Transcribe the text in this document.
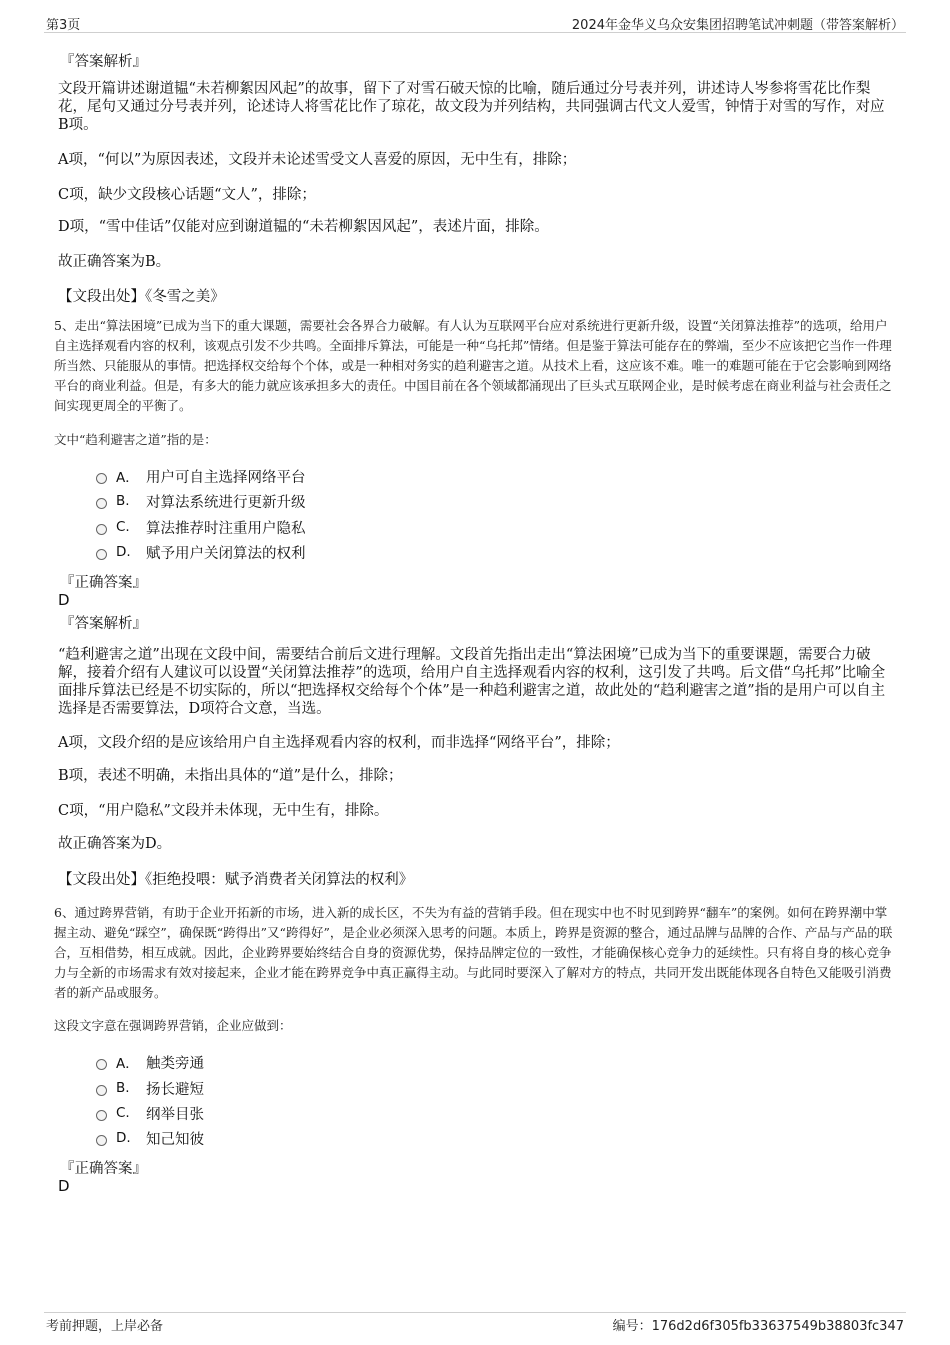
第3页	2024年金华义乌众安集团招聘笔试冲刺题（带答案解析）
『答案解析』

文段开篇讲述谢道韫“未若柳絮因风起”的故事，留下了对雪石破天惊的比喻，随后通过分号表并列，讲述诗人岑参将雪花比作梨花，尾句又通过分号表并列，论述诗人将雪花比作了琼花，故文段为并列结构，共同强调古代文人爱雪，钟情于对雪的写作，对应B项。

A项，“何以”为原因表述，文段并未论述雪受文人喜爱的原因，无中生有，排除；

C项，缺少文段核心话题“文人”，排除；

D项，“雪中佳话”仅能对应到谢道韫的“未若柳絮因风起”，表述片面，排除。

故正确答案为B。

【文段出处】《冬雪之美》

5、走出“算法困境”已成为当下的重大课题，需要社会各界合力破解。有人认为互联网平台应对系统进行更新升级，设置“关闭算法推荐”的选项，给用户自主选择观看内容的权利，该观点引发不少共鸣。全面排斥算法，可能是一种“乌托邦”情绪。但是鉴于算法可能存在的弊端，至少不应该把它当作一件理所当然、只能服从的事情。把选择权交给每个个体，或是一种相对务实的趋利避害之道。从技术上看，这应该不难。唯一的难题可能在于它会影响到网络平台的商业利益。但是，有多大的能力就应该承担多大的责任。中国目前在各个领域都涌现出了巨头式互联网企业，是时候考虑在商业利益与社会责任之间实现更周全的平衡了。

文中“趋利避害之道”指的是：

A． 用户可自主选择网络平台
B.	对算法系统进行更新升级
C.	算法推荐时注重用户隐私
D.	赋予用户关闭算法的权利
『正确答案』
D
『答案解析』

“趋利避害之道”出现在文段中间，需要结合前后文进行理解。文段首先指出走出“算法困境”已成为当下的重要课题，需要合力破解，接着介绍有人建议可以设置“关闭算法推荐”的选项，给用户自主选择观看内容的权利，这引发了共鸣。后文借“乌托邦”比喻全面排斥算法已经是不切实际的，所以“把选择权交给每个个体”是一种趋利避害之道，故此处的“趋利避害之道”指的是用户可以自主选择是否需要算法，D项符合文意，当选。

A项，文段介绍的是应该给用户自主选择观看内容的权利，而非选择“网络平台”，排除；

B项，表述不明确，未指出具体的“道”是什么，排除；

C项，“用户隐私”文段并未体现，无中生有，排除。

故正确答案为D。

【文段出处】《拒绝投喂：赋予消费者关闭算法的权利》

6、通过跨界营销，有助于企业开拓新的市场，进入新的成长区，不失为有益的营销手段。但在现实中也不时见到跨界“翻车”的案例。如何在跨界潮中掌握主动、避免“踩空”，确保既“跨得出”又“跨得好”，是企业必须深入思考的问题。本质上，跨界是资源的整合，通过品牌与品牌的合作、产品与产品的联合，互相借势，相互成就。因此，企业跨界要始终结合自身的资源优势，保持品牌定位的一致性，才能确保核心竞争力的延续性。只有将自身的核心竞争力与全新的市场需求有效对接起来，企业才能在跨界竞争中真正赢得主动。与此同时要深入了解对方的特点，共同开发出既能体现各自特色又能吸引消费者的新产品或服务。

这段文字意在强调跨界营销，企业应做到：

A． 触类旁通
B.	扬长避短
C.	纲举目张
D.	知己知彼
『正确答案』
D
考前押题，上岸必备	编号：176d2d6f305fb33637549b38803fc347
